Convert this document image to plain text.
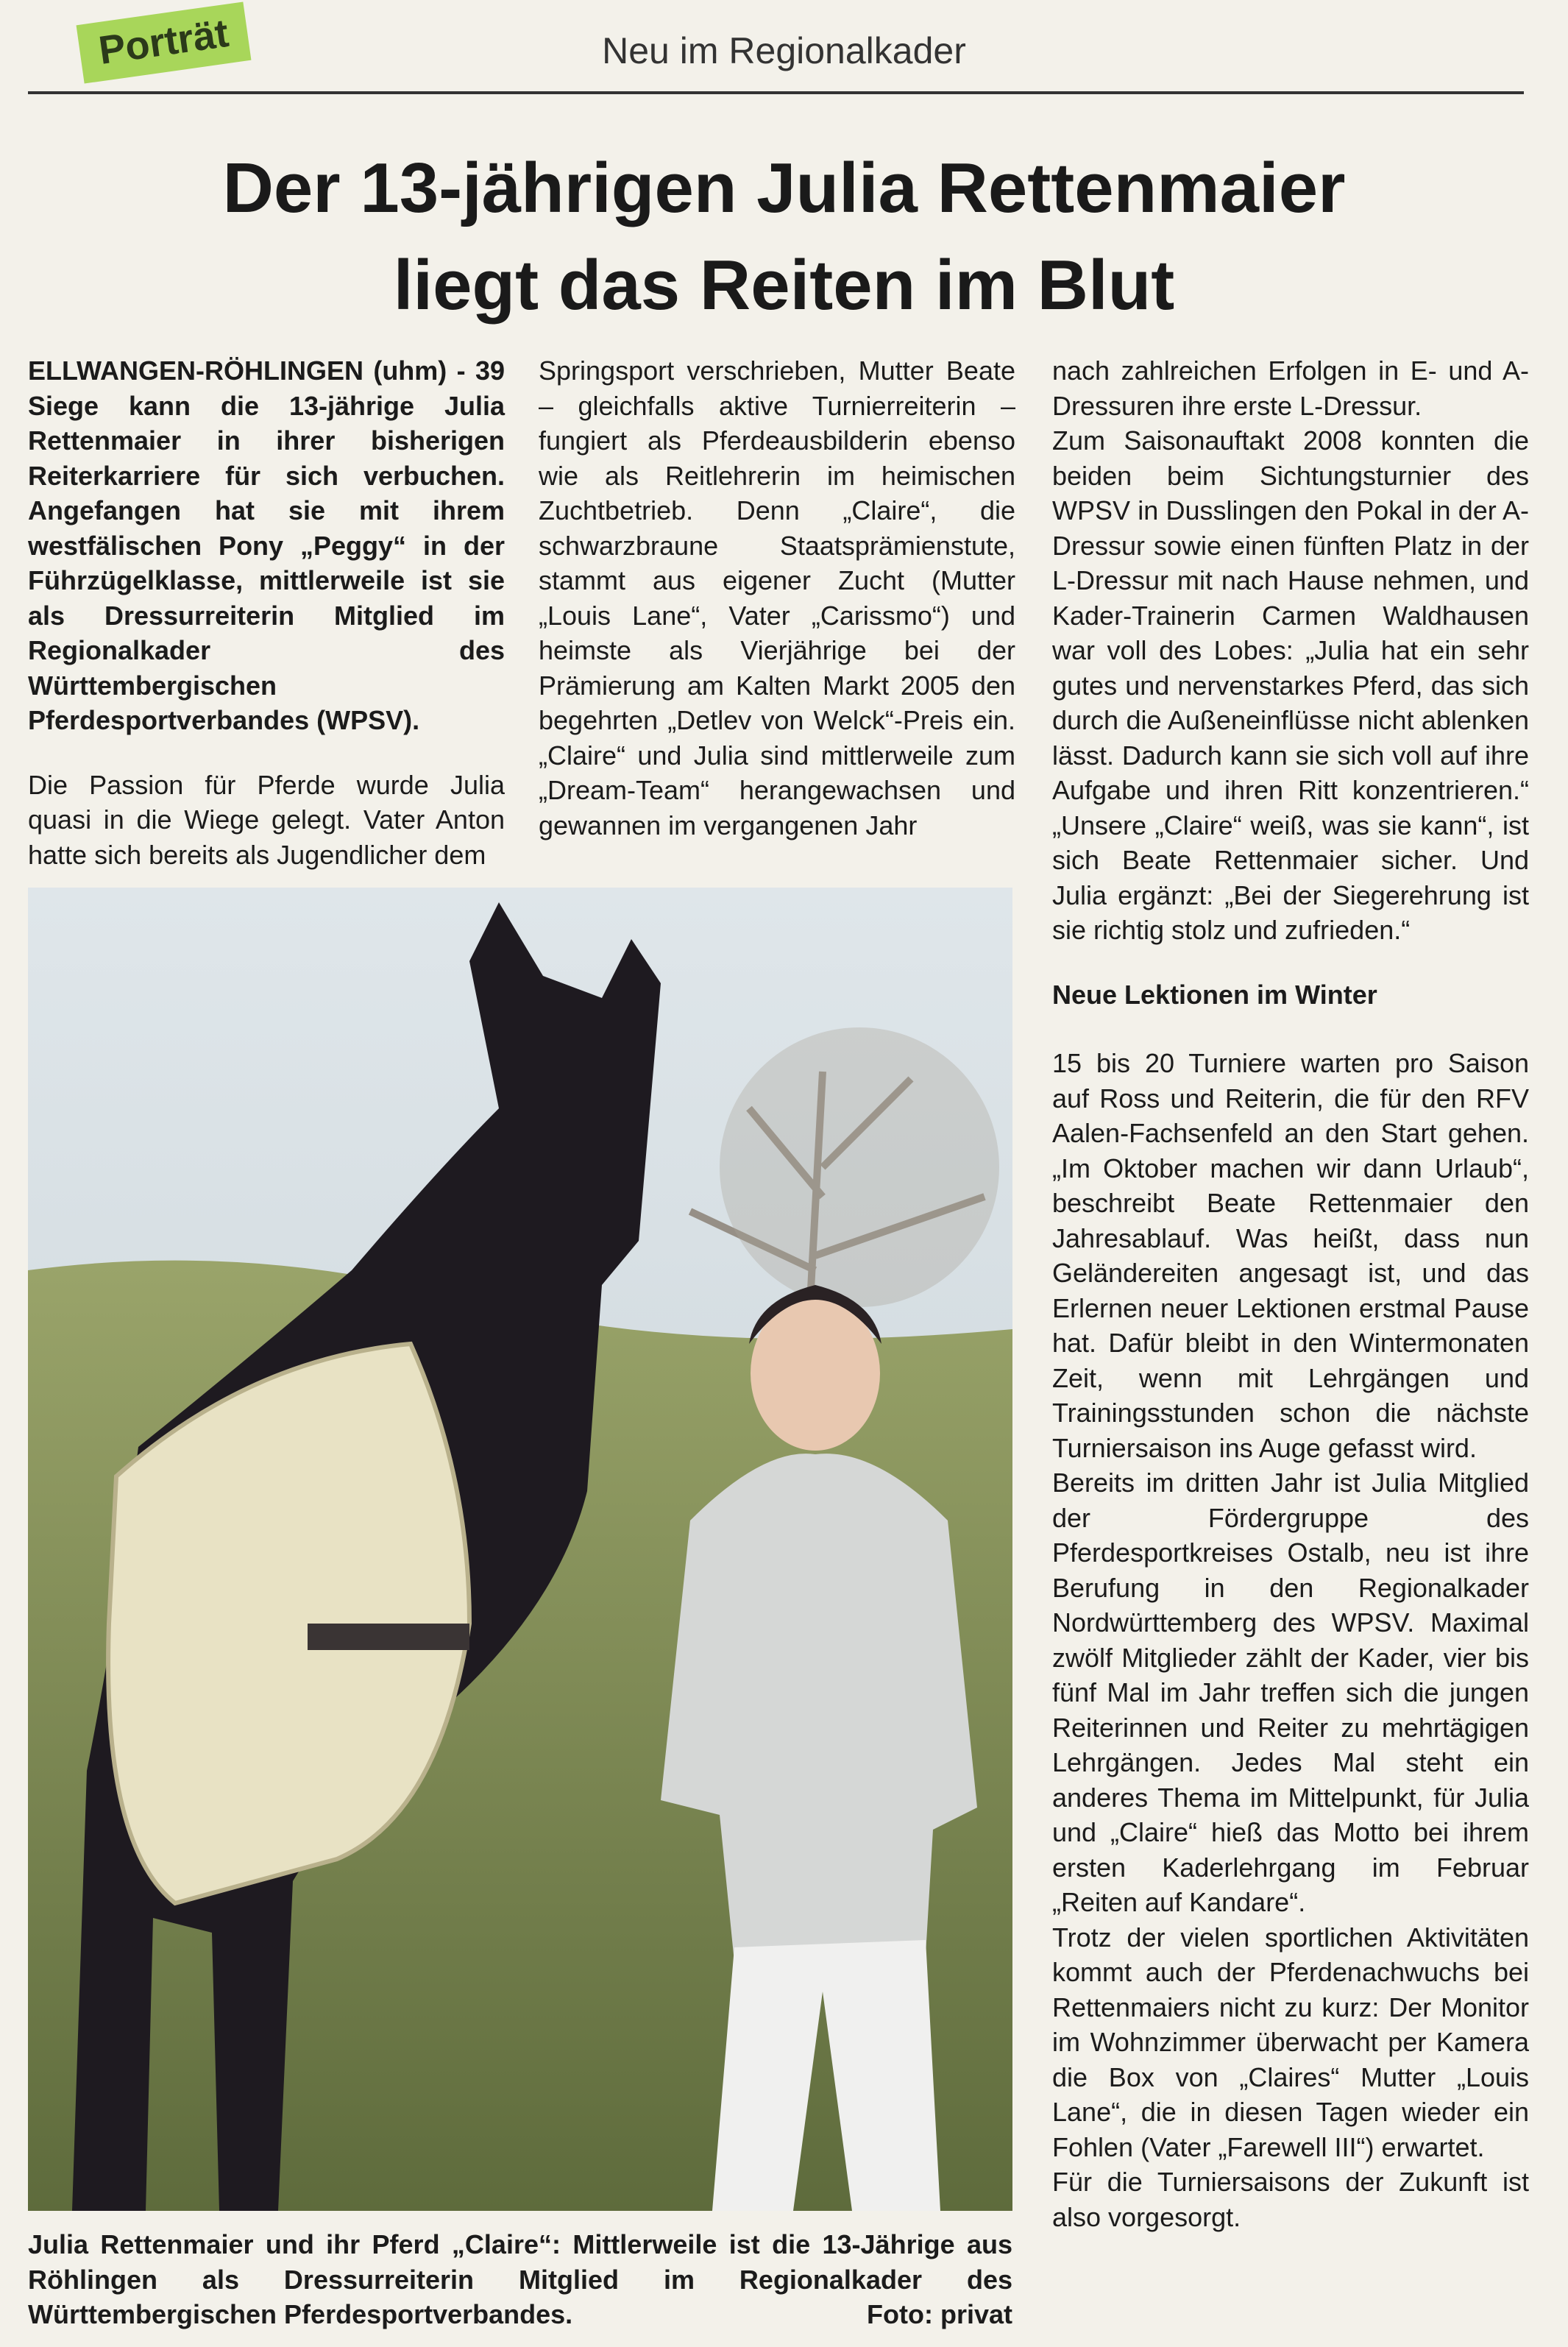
Porträt	Neu im Regionalkader
Der 13-jährigen Julia Rettenmaier
liegt das Reiten im Blut

ELLWANGEN-RÖHLINGEN (uhm) - 39 Siege kann die 13-jährige Julia Rettenmaier in ihrer bisherigen Reiterkarriere für sich verbuchen. Angefangen hat sie mit ihrem westfälischen Pony „Peggy“ in der Führzügelklasse, mittlerweile ist sie als Dressurreiterin Mitglied im Regionalkader des Württembergischen Pferdesportverbandes (WPSV).

Die Passion für Pferde wurde Julia quasi in die Wiege gelegt. Vater Anton hatte sich bereits als Jugendlicher dem

Springsport verschrieben, Mutter Beate – gleichfalls aktive Turnierreiterin – fungiert als Pferdeausbilderin ebenso wie als Reitlehrerin im heimischen Zuchtbetrieb. Denn „Claire“, die schwarzbraune Staatsprämienstute, stammt aus eigener Zucht (Mutter „Louis Lane“, Vater „Carissmo“) und heimste als Vierjährige bei der Prämierung am Kalten Markt 2005 den begehrten „Detlev von Welck“-Preis ein. „Claire“ und Julia sind mittlerweile zum „Dream-Team“ herangewachsen und gewannen im vergangenen Jahr

nach zahlreichen Erfolgen in E- und A-Dressuren ihre erste L-Dressur.

Zum Saisonauftakt 2008 konnten die beiden beim Sichtungsturnier des WPSV in Dusslingen den Pokal in der A-Dressur sowie einen fünften Platz in der L-Dressur mit nach Hause nehmen, und Kader-Trainerin Carmen Waldhausen war voll des Lobes: „Julia hat ein sehr gutes und nervenstarkes Pferd, das sich durch die Außeneinflüsse nicht ablenken lässt. Dadurch kann sie sich voll auf ihre Aufgabe und ihren Ritt konzentrieren.“ „Unsere „Claire“ weiß, was sie kann“, ist sich Beate Rettenmaier sicher. Und Julia ergänzt: „Bei der Siegerehrung ist sie richtig stolz und zufrieden.“

Neue Lektionen im Winter

15 bis 20 Turniere warten pro Saison auf Ross und Reiterin, die für den RFV Aalen-Fachsenfeld an den Start gehen. „Im Oktober machen wir dann Urlaub“, beschreibt Beate Rettenmaier den Jahresablauf. Was heißt, dass nun Geländereiten angesagt ist, und das Erlernen neuer Lektionen erstmal Pause hat. Dafür bleibt in den Wintermonaten Zeit, wenn mit Lehrgängen und Trainingsstunden schon die nächste Turniersaison ins Auge gefasst wird.

Bereits im dritten Jahr ist Julia Mitglied der Fördergruppe des Pferdesportkreises Ostalb, neu ist ihre Berufung in den Regionalkader Nordwürttemberg des WPSV. Maximal zwölf Mitglieder zählt der Kader, vier bis fünf Mal im Jahr treffen sich die jungen Reiterinnen und Reiter zu mehrtägigen Lehrgängen. Jedes Mal steht ein anderes Thema im Mittelpunkt, für Julia und „Claire“ hieß das Motto bei ihrem ersten Kaderlehrgang im Februar „Reiten auf Kandare“.

Trotz der vielen sportlichen Aktivitäten kommt auch der Pferdenachwuchs bei Rettenmaiers nicht zu kurz: Der Monitor im Wohnzimmer überwacht per Kamera die Box von „Claires“ Mutter „Louis Lane“, die in diesen Tagen wieder ein Fohlen (Vater „Farewell III“) erwartet.

Für die Turniersaisons der Zukunft ist also vorgesorgt.

Julia Rettenmaier und ihr Pferd „Claire“: Mittlerweile ist die 13-Jährige aus Röhlingen als Dressurreiterin Mitglied im Regionalkader des Württembergischen Pferdesportverbandes.	Foto: privat
